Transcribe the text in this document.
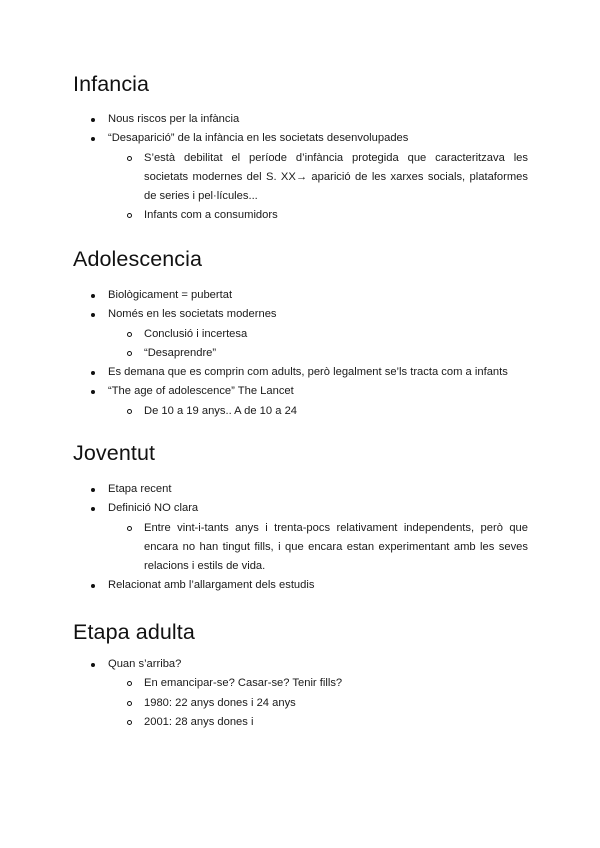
Infancia
Nous riscos per la infància
“Desaparició” de la infància en les societats desenvolupades
S’està debilitat el període d’infància protegida que caracteritzava les societats modernes del S. XX→ aparició de les xarxes socials, plataformes de series i pel·lícules...
Infants com a consumidors
Adolescencia
Biològicament = pubertat
Només en les societats modernes
Conclusió i incertesa
“Desaprendre”
Es demana que es comprin com adults, però legalment se’ls tracta com a infants
“The age of adolescence” The Lancet
De 10 a 19 anys.. A de 10 a 24
Joventut
Etapa recent
Definició NO clara
Entre vint-i-tants anys i trenta-pocs relativament independents, però que encara no han tingut fills, i que encara estan experimentant amb les seves relacions i estils de vida.
Relacionat amb l’allargament dels estudis
Etapa adulta
Quan s’arriba?
En emancipar-se? Casar-se? Tenir fills?
1980: 22 anys dones i 24 anys
2001: 28 anys dones i
